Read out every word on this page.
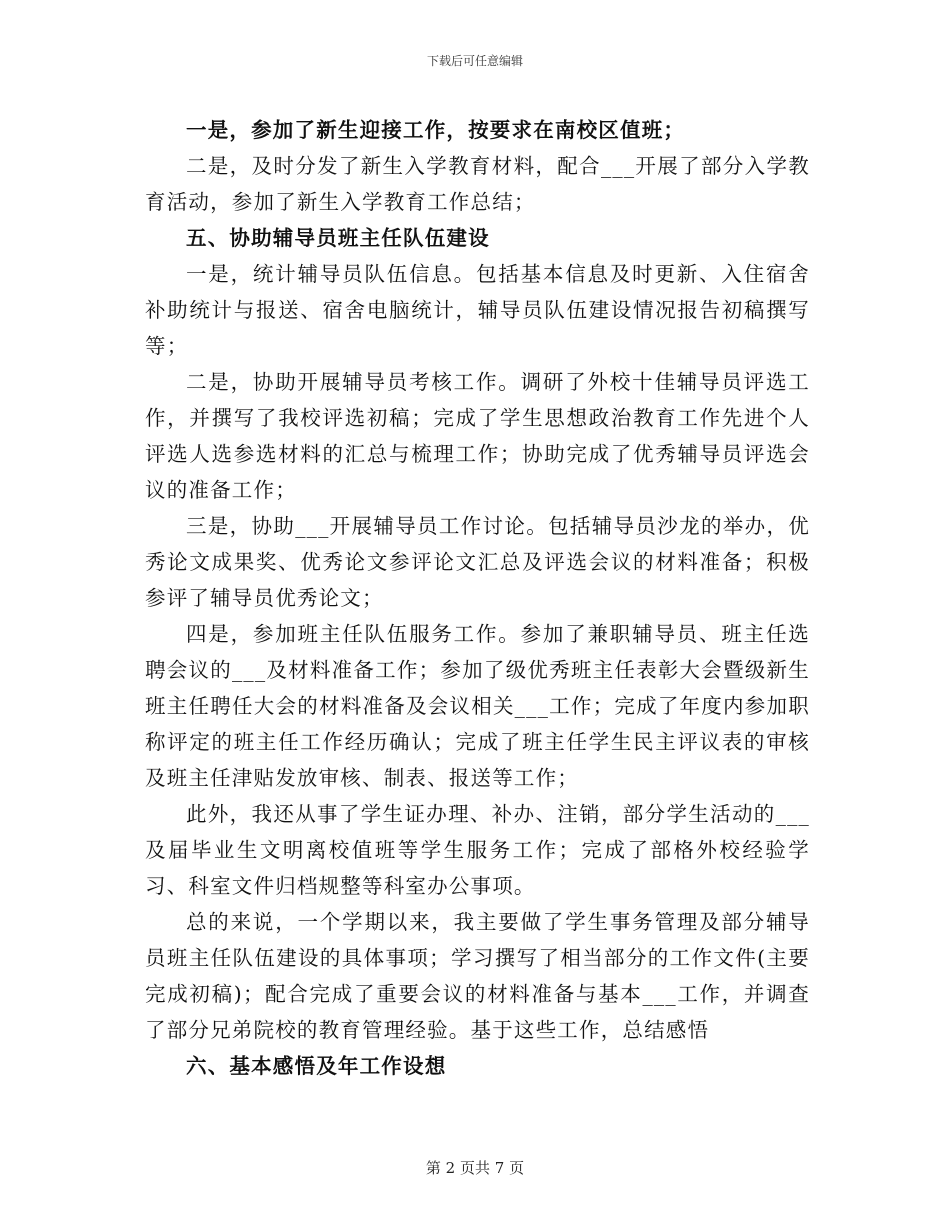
下载后可任意编辑

一是，参加了新生迎接工作，按要求在南校区值班；

二是，及时分发了新生入学教育材料，配合___开展了部分入学教育活动，参加了新生入学教育工作总结；

五、协助辅导员班主任队伍建设

一是，统计辅导员队伍信息。包括基本信息及时更新、入住宿舍补助统计与报送、宿舍电脑统计，辅导员队伍建设情况报告初稿撰写等；

二是，协助开展辅导员考核工作。调研了外校十佳辅导员评选工作，并撰写了我校评选初稿；完成了学生思想政治教育工作先进个人评选人选参选材料的汇总与梳理工作；协助完成了优秀辅导员评选会议的准备工作；

三是，协助___开展辅导员工作讨论。包括辅导员沙龙的举办，优秀论文成果奖、优秀论文参评论文汇总及评选会议的材料准备；积极参评了辅导员优秀论文；

四是，参加班主任队伍服务工作。参加了兼职辅导员、班主任选聘会议的___及材料准备工作；参加了级优秀班主任表彰大会暨级新生班主任聘任大会的材料准备及会议相关___工作；完成了年度内参加职称评定的班主任工作经历确认；完成了班主任学生民主评议表的审核及班主任津贴发放审核、制表、报送等工作；

此外，我还从事了学生证办理、补办、注销，部分学生活动的___及届毕业生文明离校值班等学生服务工作；完成了部格外校经验学习、科室文件归档规整等科室办公事项。

总的来说，一个学期以来，我主要做了学生事务管理及部分辅导员班主任队伍建设的具体事项；学习撰写了相当部分的工作文件(主要完成初稿)；配合完成了重要会议的材料准备与基本___工作，并调查了部分兄弟院校的教育管理经验。基于这些工作，总结感悟

六、基本感悟及年工作设想

第 2 页共 7 页
